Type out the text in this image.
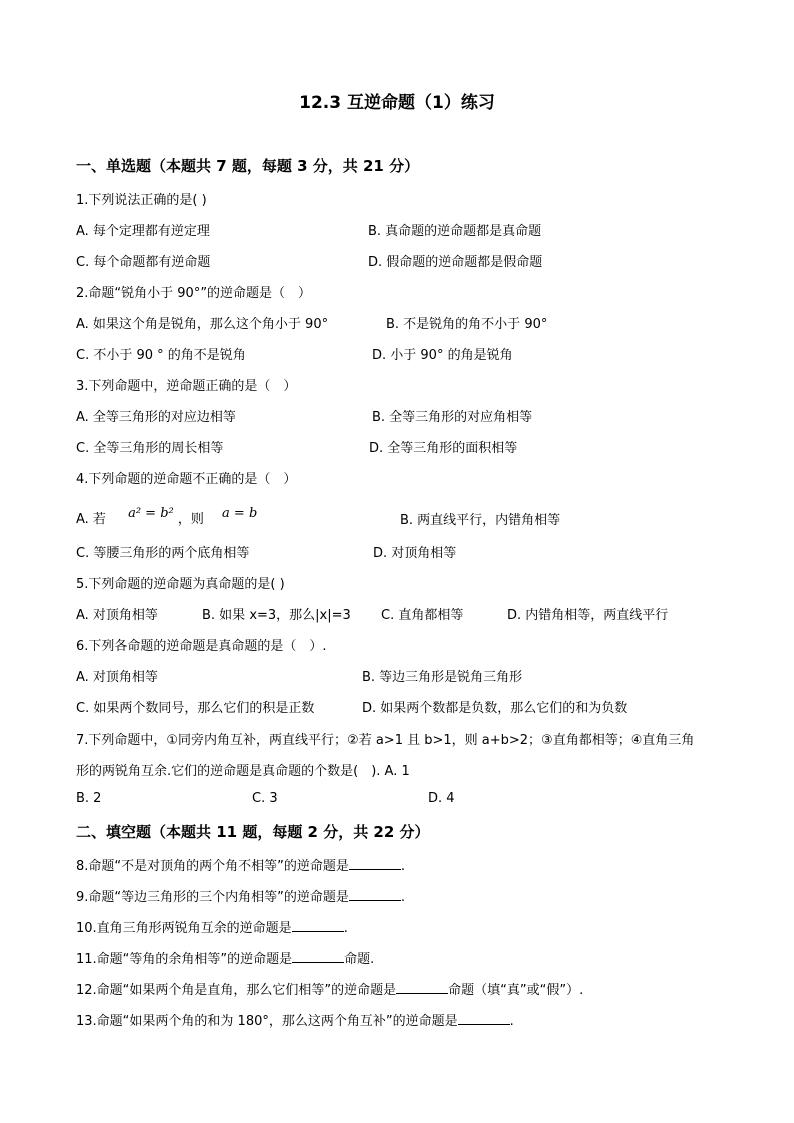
12.3 互逆命题（1）练习
一、单选题（本题共 7 题，每题 3 分，共 21 分）
1.下列说法正确的是( )
A. 每个定理都有逆定理	B. 真命题的逆命题都是真命题
C. 每个命题都有逆命题	D. 假命题的逆命题都是假命题
2.命题“锐角小于 90°”的逆命题是（　）
A. 如果这个角是锐角，那么这个角小于 90°	B. 不是锐角的角不小于 90°
C. 不小于 90 ° 的角不是锐角	D. 小于 90° 的角是锐角
3.下列命题中，逆命题正确的是（　）
A. 全等三角形的对应边相等	B. 全等三角形的对应角相等
C. 全等三角形的周长相等	D. 全等三角形的面积相等
4.下列命题的逆命题不正确的是（　）
A. 若 a² = b² ，则 a = b	B. 两直线平行，内错角相等
C. 等腰三角形的两个底角相等	D. 对顶角相等
5.下列命题的逆命题为真命题的是( )
A. 对顶角相等	B. 如果 x=3，那么|x|=3 C. 直角都相等	D. 内错角相等，两直线平行
6.下列各命题的逆命题是真命题的是（　）.
A. 对顶角相等	B. 等边三角形是锐角三角形
C. 如果两个数同号，那么它们的积是正数	D. 如果两个数都是负数，那么它们的和为负数
7.下列命题中，①同旁内角互补，两直线平行；②若 a>1 且 b>1，则 a+b>2；③直角都相等；④直角三角
形的两锐角互余.它们的逆命题是真命题的个数是(　). A. 1
B. 2	C. 3	D. 4
二、填空题（本题共 11 题，每题 2 分，共 22 分）
8.命题“不是对顶角的两个角不相等”的逆命题是	.
9.命题“等边三角形的三个内角相等”的逆命题是	.
10.直角三角形两锐角互余的逆命题是	.
11.命题“等角的余角相等”的逆命题是	命题.
12.命题“如果两个角是直角，那么它们相等”的逆命题是	命题（填“真”或“假”）.
13.命题“如果两个角的和为 180°，那么这两个角互补”的逆命题是	.
